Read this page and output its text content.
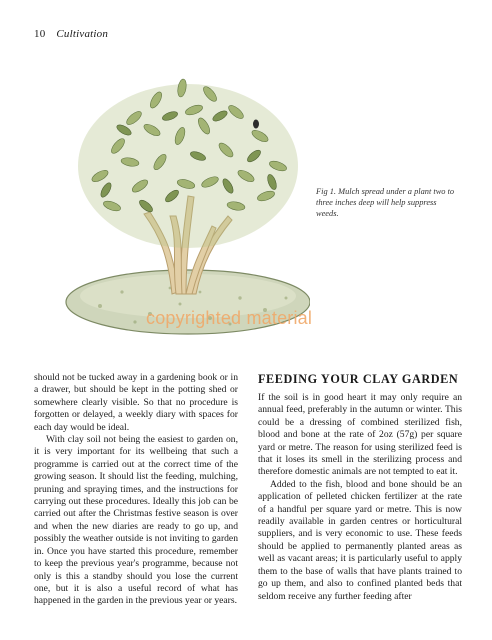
10 Cultivation
Fig 1. Mulch spread under a plant two to three inches deep will help suppress weeds.
copyrighted material

should not be tucked away in a gardening book or in a drawer, but should be kept in the potting shed or somewhere clearly visible. So that no procedure is forgotten or delayed, a weekly diary with spaces for each day would be ideal.

With clay soil not being the easiest to garden on, it is very important for its wellbeing that such a programme is carried out at the correct time of the growing season. It should list the feeding, mulching, pruning and spraying times, and the instructions for carrying out these procedures. Ideally this job can be carried out after the Christmas festive season is over and when the new diaries are ready to go up, and possibly the weather outside is not inviting to garden in. Once you have started this procedure, remember to keep the previous year's programme, because not only is this a standby should you lose the current one, but it is also a useful record of what has happened in the garden in the previous year or years.

FEEDING YOUR CLAY GARDEN

If the soil is in good heart it may only require an annual feed, preferably in the autumn or winter. This could be a dressing of combined sterilized fish, blood and bone at the rate of 2oz (57g) per square yard or metre. The reason for using sterilized feed is that it loses its smell in the sterilizing process and therefore domestic animals are not tempted to eat it.

Added to the fish, blood and bone should be an application of pelleted chicken fertilizer at the rate of a handful per square yard or metre. This is now readily available in garden centres or horticultural suppliers, and is very economic to use. These feeds should be applied to permanently planted areas as well as vacant areas; it is particularly useful to apply them to the base of walls that have plants trained to go up them, and also to confined planted beds that seldom receive any further feeding after
